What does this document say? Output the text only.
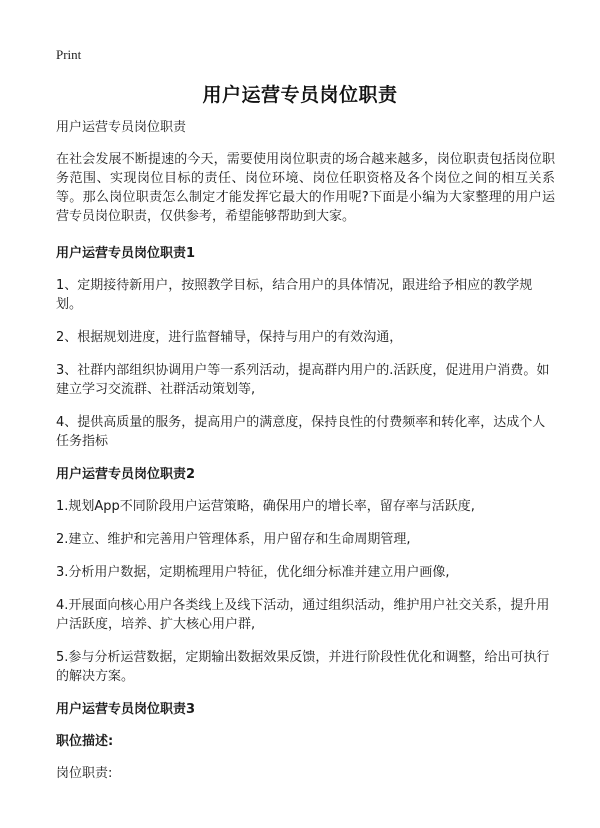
Print
用户运营专员岗位职责

用户运营专员岗位职责

在社会发展不断提速的今天，需要使用岗位职责的场合越来越多，岗位职责包括岗位职务范围、实现岗位目标的责任、岗位环境、岗位任职资格及各个岗位之间的相互关系等。那么岗位职责怎么制定才能发挥它最大的作用呢?下面是小编为大家整理的用户运营专员岗位职责，仅供参考，希望能够帮助到大家。

用户运营专员岗位职责1

1、定期接待新用户，按照教学目标，结合用户的具体情况，跟进给予相应的教学规划。

2、根据规划进度，进行监督辅导，保持与用户的有效沟通，

3、社群内部组织协调用户等一系列活动，提高群内用户的.活跃度，促进用户消费。如建立学习交流群、社群活动策划等,

4、提供高质量的服务，提高用户的满意度，保持良性的付费频率和转化率，达成个人任务指标

用户运营专员岗位职责2

1.规划App不同阶段用户运营策略，确保用户的增长率，留存率与活跃度,

2.建立、维护和完善用户管理体系，用户留存和生命周期管理,

3.分析用户数据，定期梳理用户特征，优化细分标准并建立用户画像,

4.开展面向核心用户各类线上及线下活动，通过组织活动，维护用户社交关系，提升用户活跃度，培养、扩大核心用户群,

5.参与分析运营数据，定期输出数据效果反馈，并进行阶段性优化和调整，给出可执行的解决方案。

用户运营专员岗位职责3

职位描述:

岗位职责:
